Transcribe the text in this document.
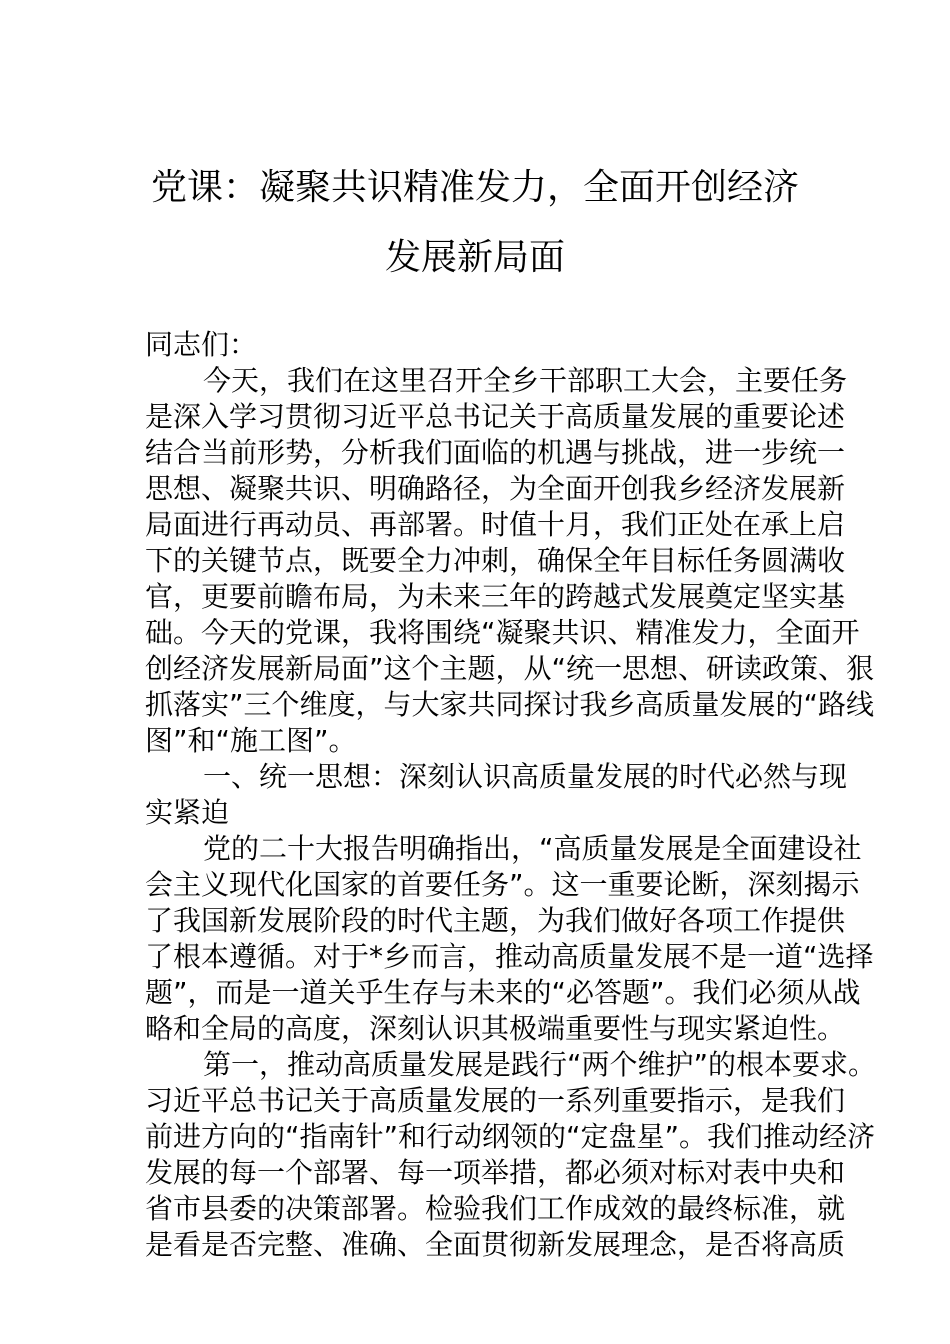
党课：凝聚共识精准发力，全面开创经济
发展新局面
同志们：
今天，我们在这里召开全乡干部职工大会，主要任务
是深入学习贯彻习近平总书记关于高质量发展的重要论述
结合当前形势，分析我们面临的机遇与挑战，进一步统一
思想、凝聚共识、明确路径，为全面开创我乡经济发展新
局面进行再动员、再部署。时值十月，我们正处在承上启
下的关键节点，既要全力冲刺，确保全年目标任务圆满收
官，更要前瞻布局，为未来三年的跨越式发展奠定坚实基
础。今天的党课，我将围绕“凝聚共识、精准发力，全面开
创经济发展新局面”这个主题，从“统一思想、研读政策、狠
抓落实”三个维度，与大家共同探讨我乡高质量发展的“路线
图”和“施工图”。
一、统一思想：深刻认识高质量发展的时代必然与现
实紧迫
党的二十大报告明确指出，“高质量发展是全面建设社
会主义现代化国家的首要任务”。这一重要论断，深刻揭示
了我国新发展阶段的时代主题，为我们做好各项工作提供
了根本遵循。对于*乡而言，推动高质量发展不是一道“选择
题”，而是一道关乎生存与未来的“必答题”。我们必须从战
略和全局的高度，深刻认识其极端重要性与现实紧迫性。
第一，推动高质量发展是践行“两个维护”的根本要求。
习近平总书记关于高质量发展的一系列重要指示，是我们
前进方向的“指南针”和行动纲领的“定盘星”。我们推动经济
发展的每一个部署、每一项举措，都必须对标对表中央和
省市县委的决策部署。检验我们工作成效的最终标准，就
是看是否完整、准确、全面贯彻新发展理念，是否将高质
